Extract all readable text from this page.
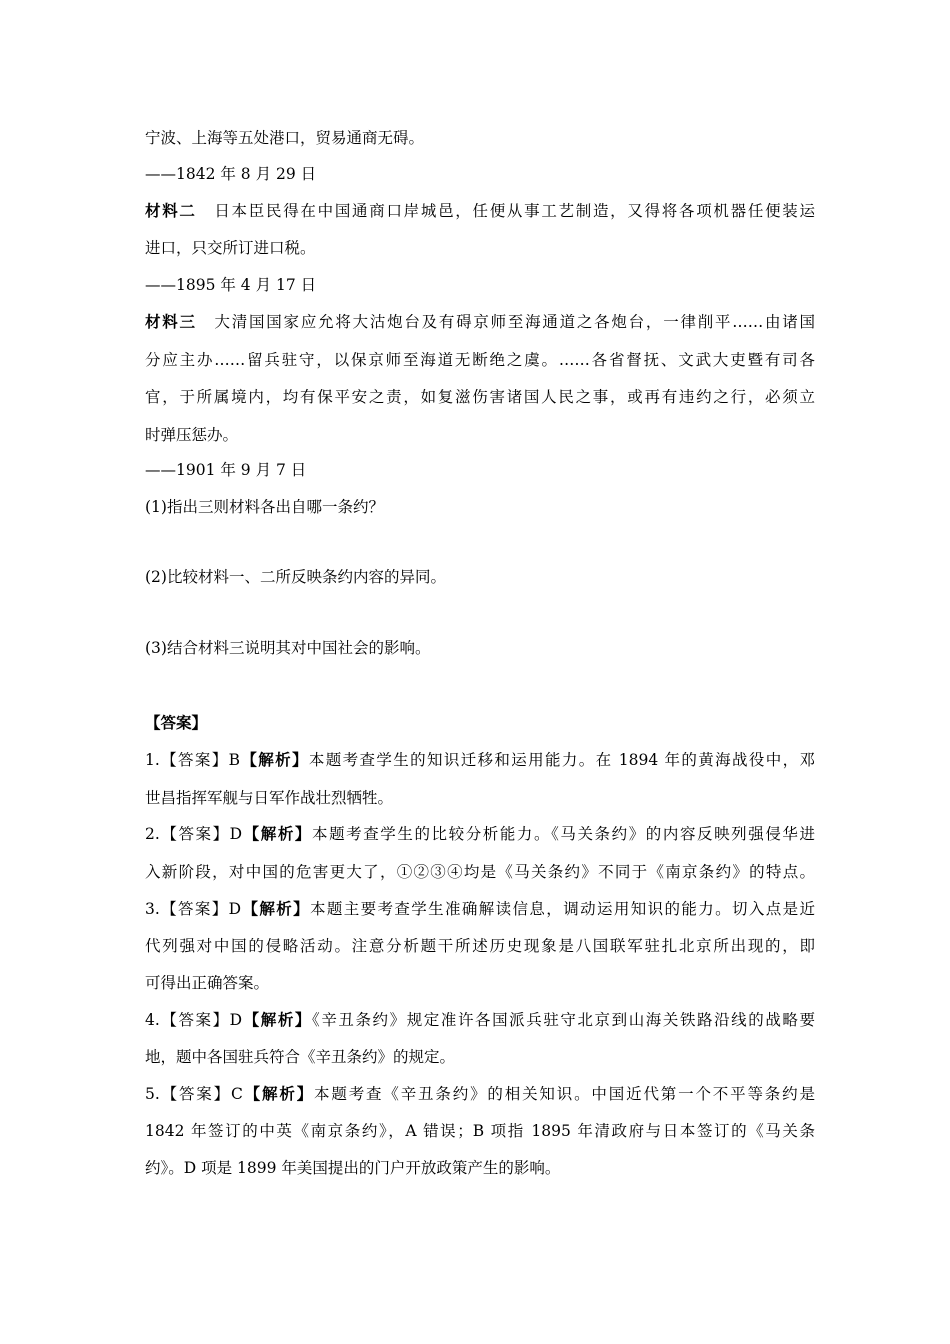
宁波、上海等五处港口，贸易通商无碍。
——1842 年 8 月 29 日
材料二 日本臣民得在中国通商口岸城邑，任便从事工艺制造，又得将各项机器任便装运
进口，只交所订进口税。
——1895 年 4 月 17 日
材料三 大清国国家应允将大沽炮台及有碍京师至海通道之各炮台，一律削平……由诸国
分应主办……留兵驻守，以保京师至海道无断绝之虞。……各省督抚、文武大吏暨有司各
官，于所属境内，均有保平安之责，如复滋伤害诸国人民之事，或再有违约之行，必须立
时弹压惩办。
——1901 年 9 月 7 日
(1)指出三则材料各出自哪一条约？
(2)比较材料一、二所反映条约内容的异同。
(3)结合材料三说明其对中国社会的影响。
【答案】
1.【答案】B【解析】本题考查学生的知识迁移和运用能力。在 1894 年的黄海战役中，邓
世昌指挥军舰与日军作战壮烈牺牲。
2.【答案】D【解析】本题考查学生的比较分析能力。《马关条约》的内容反映列强侵华进
入新阶段，对中国的危害更大了，①②③④均是《马关条约》不同于《南京条约》的特点。
3.【答案】D【解析】本题主要考查学生准确解读信息，调动运用知识的能力。切入点是近
代列强对中国的侵略活动。注意分析题干所述历史现象是八国联军驻扎北京所出现的，即
可得出正确答案。
4.【答案】D【解析】《辛丑条约》规定准许各国派兵驻守北京到山海关铁路沿线的战略要
地，题中各国驻兵符合《辛丑条约》的规定。
5.【答案】C【解析】本题考查《辛丑条约》的相关知识。中国近代第一个不平等条约是
1842 年签订的中英《南京条约》，A 错误；B 项指 1895 年清政府与日本签订的《马关条
约》。D 项是 1899 年美国提出的门户开放政策产生的影响。
